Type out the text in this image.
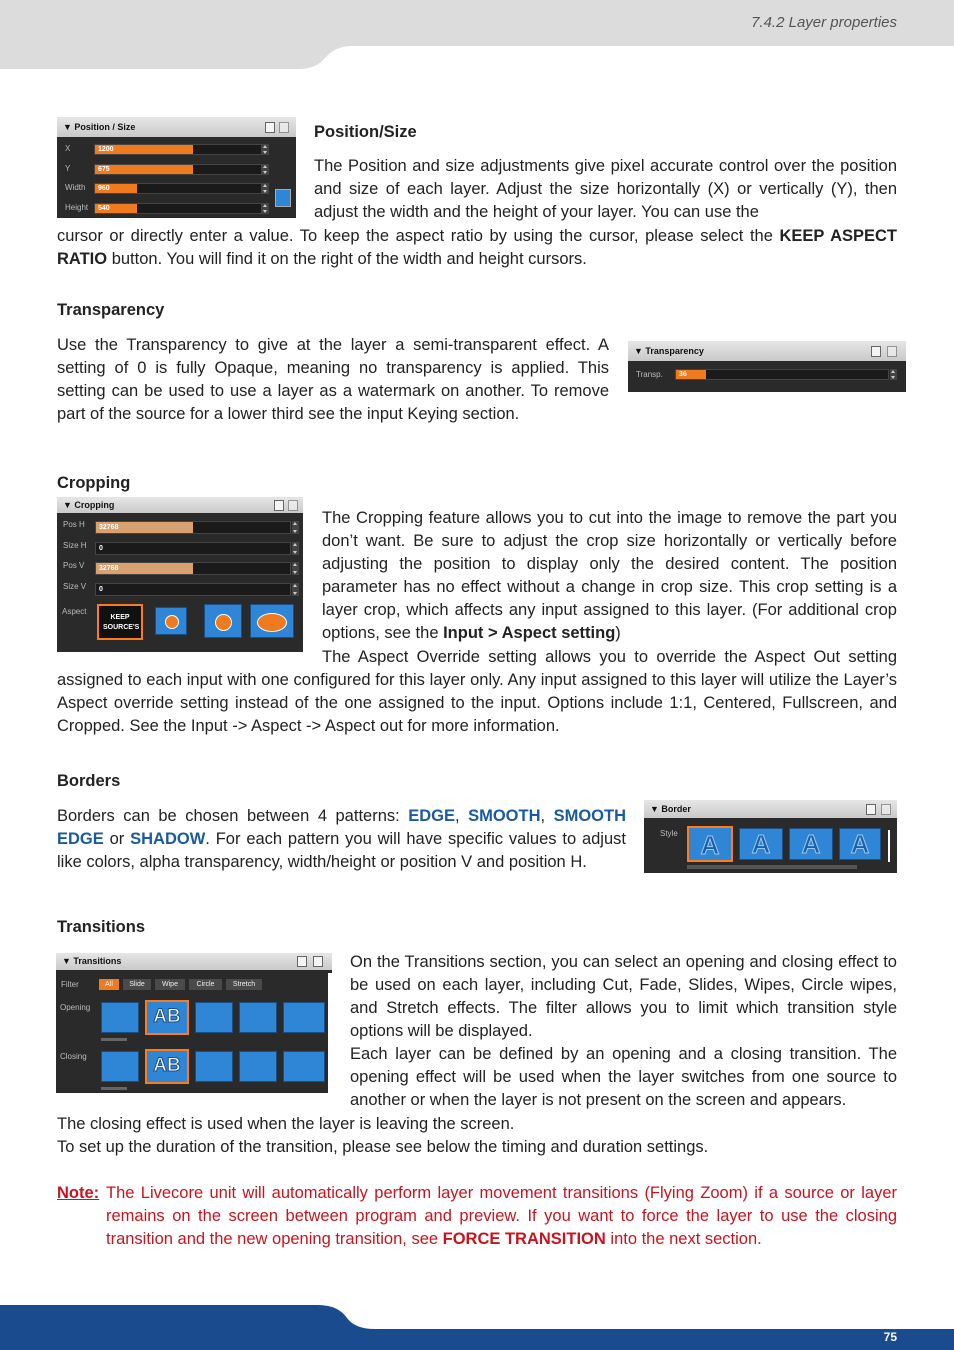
7.4.2 Layer properties
▼ Position / Size
X	1200
Y	675
Width 960
Height 540
Position/Size
The Position and size adjustments give pixel accurate control over the position and size of each layer. Adjust the size horizontally (X) or vertically (Y), then adjust the width and the height of your layer. You can use the
cursor or directly enter a value. To keep the aspect ratio by using the cursor, please select the KEEP ASPECT RATIO button. You will find it on the right of the width and height cursors.
Transparency
Use the Transparency to give at the layer a semi-transparent effect. A setting of 0 is fully Opaque, meaning no transparency is applied. This setting can be used to use a layer as a watermark on another. To remove part of the source for a lower third see the input Keying section.
▼ Transparency
Transp. 36
Cropping
▼ Cropping
Pos H 32768
Size H 0
Pos V 32768
Size V 0
Aspect
KEEP SOURCE'S
The Cropping feature allows you to cut into the image to remove the part you don’t want. Be sure to adjust the crop size horizontally or vertically before adjusting the position to display only the desired content. The position parameter has no effect without a change in crop size. This crop setting is a layer crop, which affects any input assigned to this layer. (For additional crop options, see the Input > Aspect setting)
The Aspect Override setting allows you to override the Aspect Out setting assigned to each input with one configured for this layer only. Any input assigned to this layer will utilize the Layer’s Aspect override setting instead of the one assigned to the input. Options include 1:1, Centered, Fullscreen, and Cropped. See the Input -> Aspect -> Aspect out for more information.
Borders
Borders can be chosen between 4 patterns: EDGE, SMOOTH, SMOOTH EDGE or SHADOW. For each pattern you will have specific values to adjust like colors, alpha transparency, width/height or position V and position H.
▼ Border
Style A	A	A	A
Transitions
▼ Transitions
Filter	All	Slide	Wipe	Circle	Stretch
Opening	AB
Closing	AB
On the Transitions section, you can select an opening and closing effect to be used on each layer, including Cut, Fade, Slides, Wipes, Circle wipes, and Stretch effects. The filter allows you to limit which transition style options will be displayed.
Each layer can be defined by an opening and a closing transition. The opening effect will be used when the layer switches from one source to another or when the layer is not present on the screen and appears.
The closing effect is used when the layer is leaving the screen.
To set up the duration of the transition, please see below the timing and duration settings.
Note: The Livecore unit will automatically perform layer movement transitions (Flying Zoom) if a source or layer remains on the screen between program and preview. If you want to force the layer to use the closing transition and the new opening transition, see FORCE TRANSITION into the next section.
75
